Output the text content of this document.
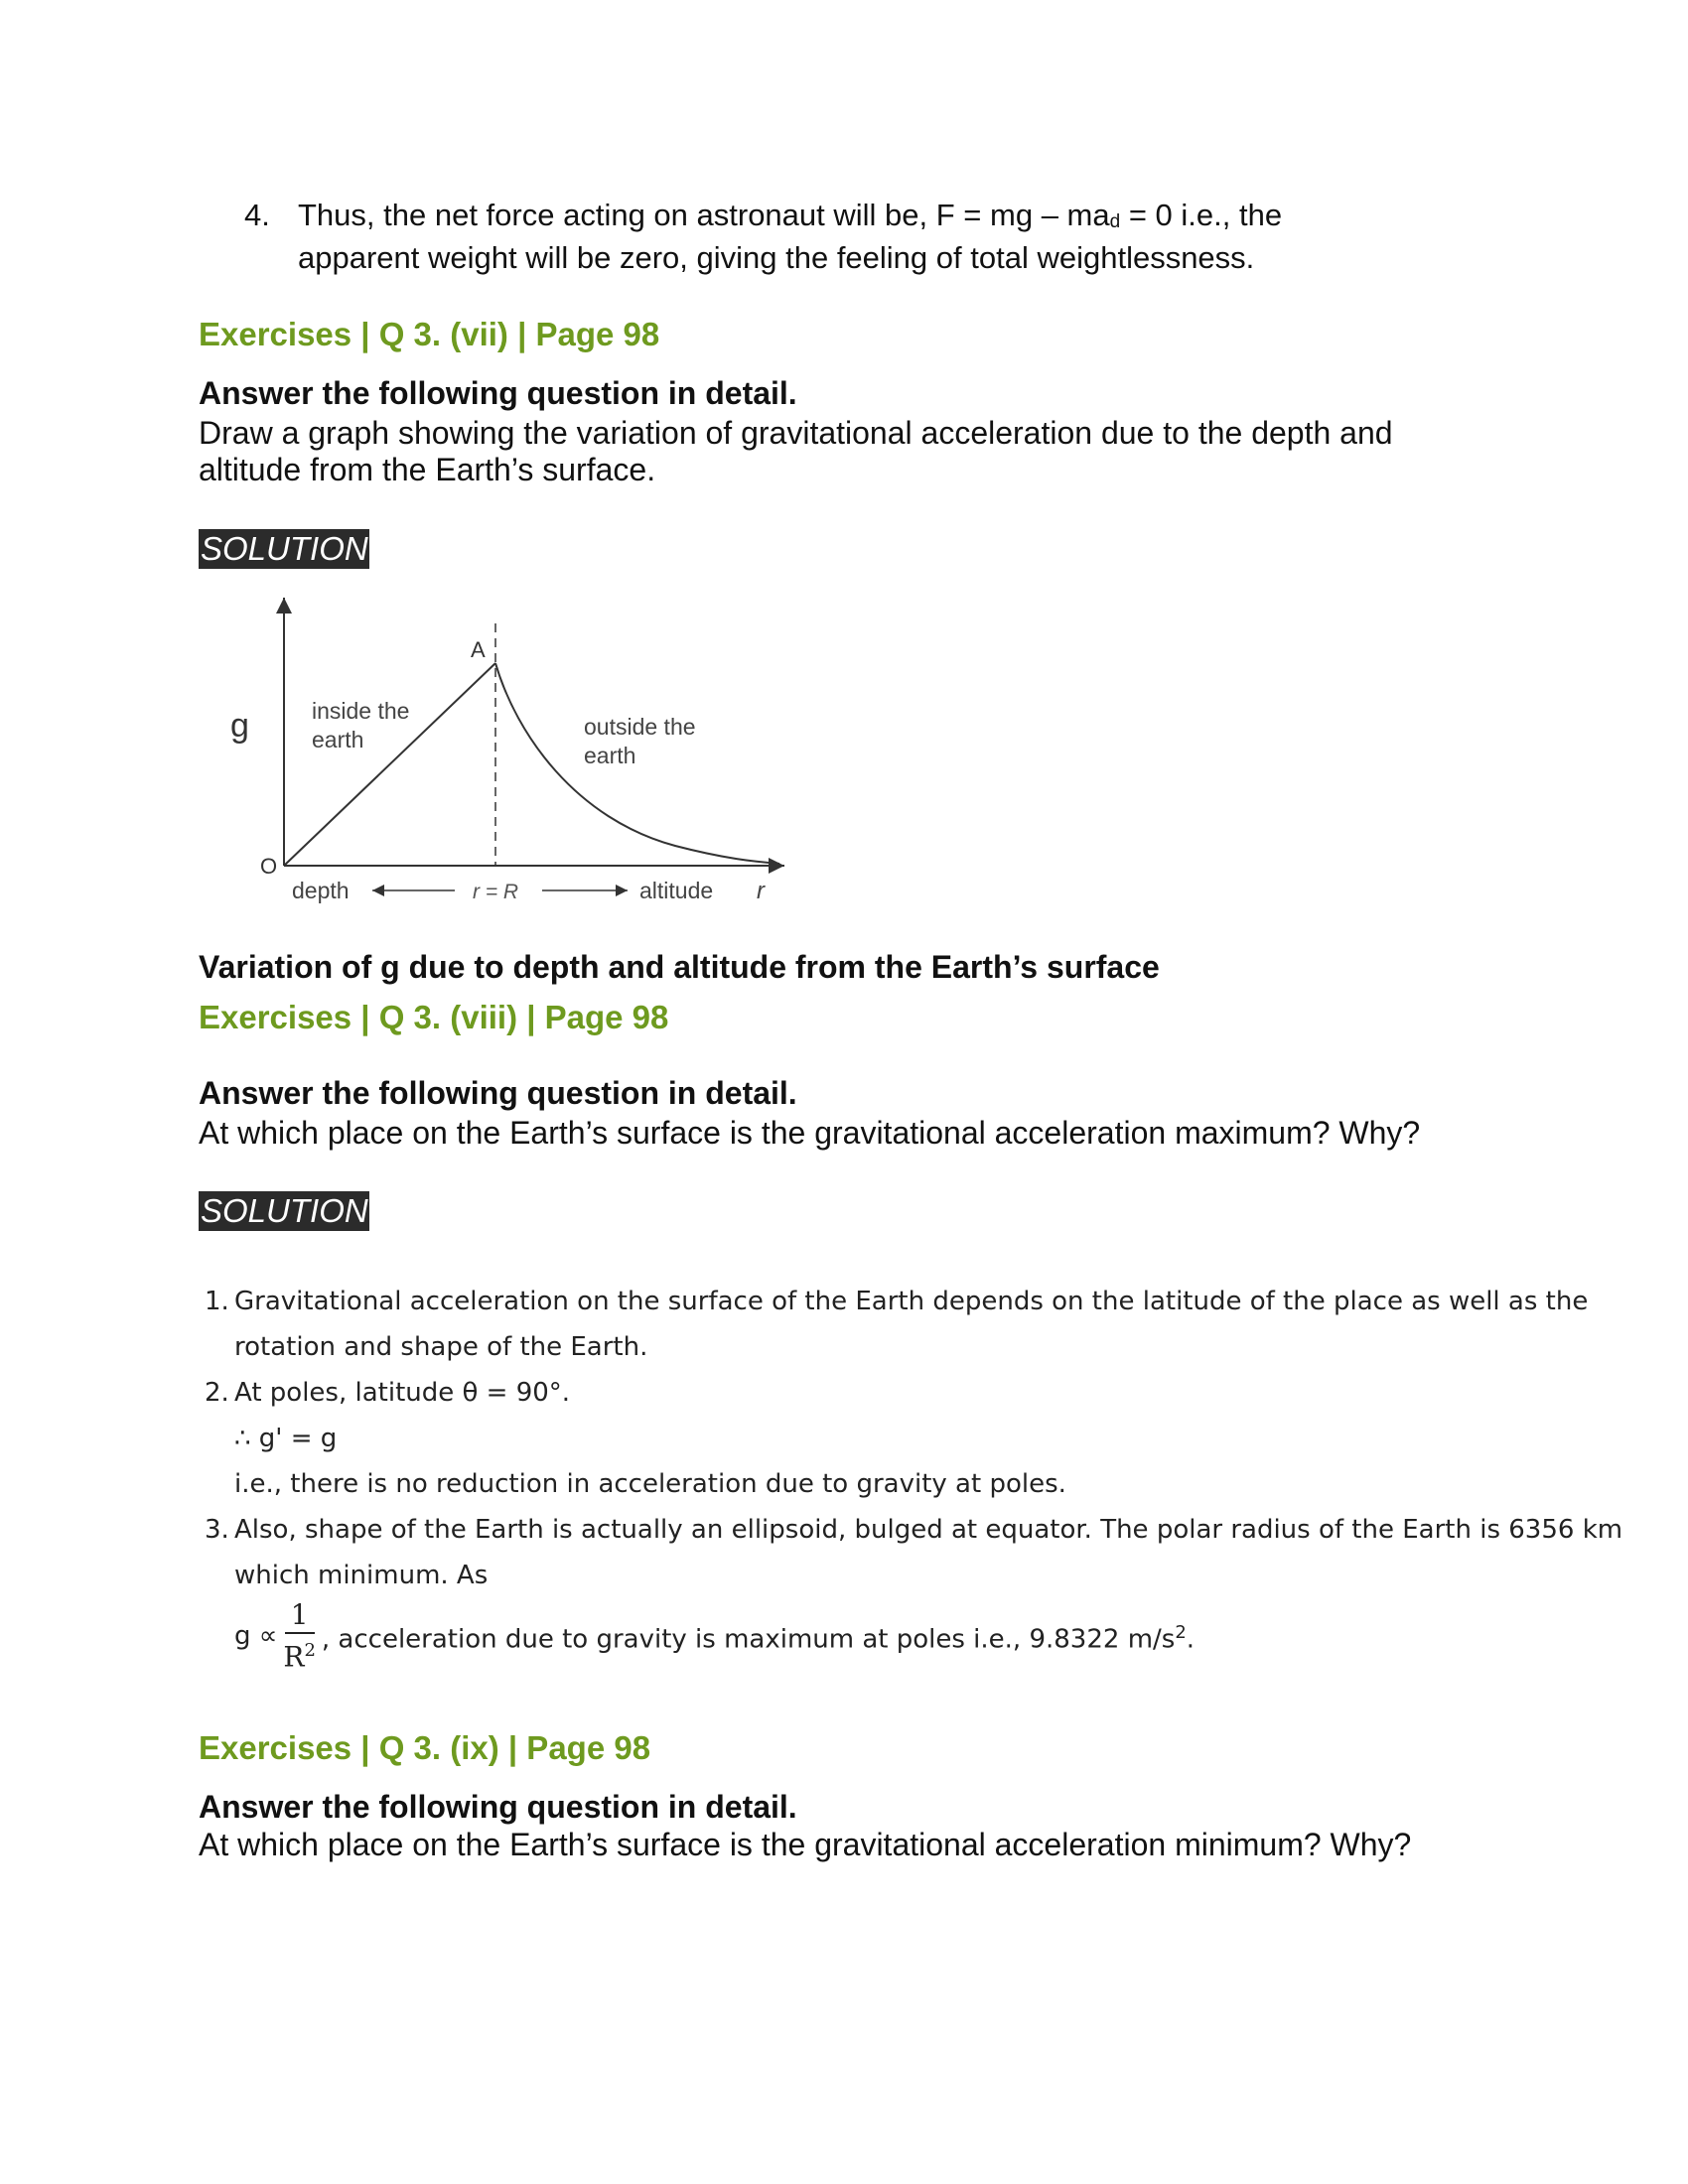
4. Thus, the net force acting on astronaut will be, F = mg – $ma_d = 0$ i.e., the
apparent weight will be zero, giving the feeling of total weightlessness.
Exercises | Q 3. (vii) | Page 98
Answer the following question in detail.
Draw a graph showing the variation of gravitational acceleration due to the depth and altitude from the Earth’s surface.
SOLUTION
g
O
A
inside the
earth	outside the
earth
depth	r = R	altitude r
Variation of g due to depth and altitude from the Earth’s surface
Exercises | Q 3. (viii) | Page 98
Answer the following question in detail.
At which place on the Earth’s surface is the gravitational acceleration maximum? Why?
SOLUTION
1. Gravitational acceleration on the surface of the Earth depends on the latitude of the place as well as the rotation and shape of the Earth.
2. At poles, latitude θ = 90°.
∴ g' = g
i.e., there is no reduction in acceleration due to gravity at poles.
3. Also, shape of the Earth is actually an ellipsoid, bulged at equator. The polar radius of the Earth is 6356 km which minimum. As
$g \propto \frac{1}{R^2}$ , acceleration due to gravity is maximum at poles i.e., 9.8322 $m/s^2$.
Exercises | Q 3. (ix) | Page 98
Answer the following question in detail.
At which place on the Earth’s surface is the gravitational acceleration minimum? Why?
